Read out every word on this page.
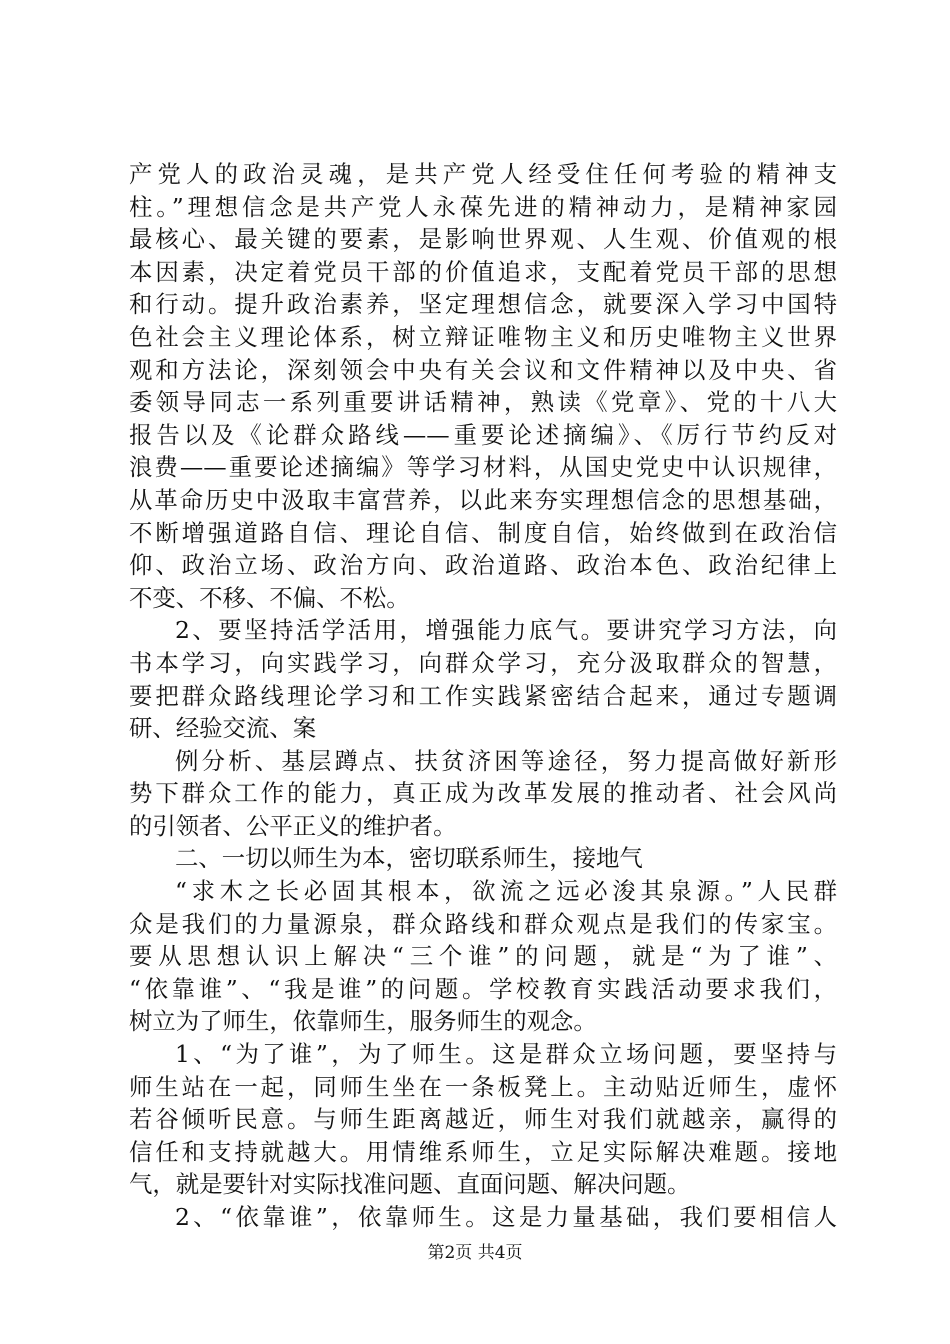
产党人的政治灵魂，是共产党人经受住任何考验的精神支
柱。”理想信念是共产党人永葆先进的精神动力，是精神家园
最核心、最关键的要素，是影响世界观、人生观、价值观的根
本因素，决定着党员干部的价值追求，支配着党员干部的思想
和行动。提升政治素养，坚定理想信念，就要深入学习中国特
色社会主义理论体系，树立辩证唯物主义和历史唯物主义世界
观和方法论，深刻领会中央有关会议和文件精神以及中央、省
委领导同志一系列重要讲话精神，熟读《党章》、党的十八大
报告以及《论群众路线——重要论述摘编》、《厉行节约反对
浪费——重要论述摘编》等学习材料，从国史党史中认识规律，
从革命历史中汲取丰富营养，以此来夯实理想信念的思想基础，
不断增强道路自信、理论自信、制度自信，始终做到在政治信
仰、政治立场、政治方向、政治道路、政治本色、政治纪律上
不变、不移、不偏、不松。
2、要坚持活学活用，增强能力底气。要讲究学习方法，向
书本学习，向实践学习，向群众学习，充分汲取群众的智慧，
要把群众路线理论学习和工作实践紧密结合起来，通过专题调
研、经验交流、案
例分析、基层蹲点、扶贫济困等途径，努力提高做好新形
势下群众工作的能力，真正成为改革发展的推动者、社会风尚
的引领者、公平正义的维护者。
二、一切以师生为本，密切联系师生，接地气
“求木之长必固其根本，欲流之远必浚其泉源。”人民群
众是我们的力量源泉，群众路线和群众观点是我们的传家宝。
要从思想认识上解决“三个谁”的问题，就是“为了谁”、
“依靠谁”、“我是谁”的问题。学校教育实践活动要求我们，
树立为了师生，依靠师生，服务师生的观念。
1、“为了谁”，为了师生。这是群众立场问题，要坚持与
师生站在一起，同师生坐在一条板凳上。主动贴近师生，虚怀
若谷倾听民意。与师生距离越近，师生对我们就越亲，赢得的
信任和支持就越大。用情维系师生，立足实际解决难题。接地
气，就是要针对实际找准问题、直面问题、解决问题。
2、“依靠谁”，依靠师生。这是力量基础，我们要相信人
第2页 共4页
